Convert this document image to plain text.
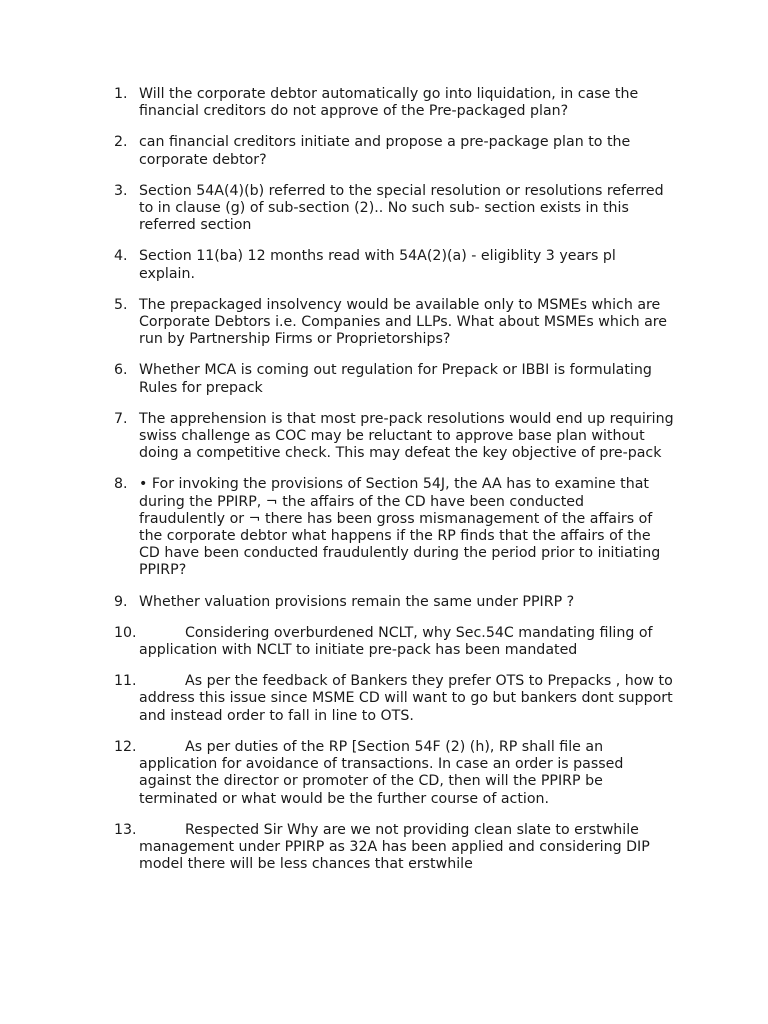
1. Will the corporate debtor automatically go into liquidation, in case the financial creditors do not approve of the Pre-packaged plan?
2. can financial creditors initiate and propose a pre-package plan to the corporate debtor?
3. Section 54A(4)(b) referred to the special resolution or resolutions referred to in clause (g) of sub-section (2).. No such sub- section exists in this referred section
4. Section 11(ba) 12 months read with 54A(2)(a) - eligiblity 3 years pl explain.
5. The prepackaged insolvency would be available only to MSMEs which are Corporate Debtors i.e. Companies and LLPs. What about MSMEs which are run by Partnership Firms or Proprietorships?
6. Whether MCA is coming out regulation for Prepack or IBBI is formulating Rules for prepack
7. The apprehension is that most pre-pack resolutions would end up requiring swiss challenge as COC may be reluctant to approve base plan without doing a competitive check. This may defeat the key objective of pre-pack
8. • For invoking the provisions of Section 54J, the AA has to examine that during the PPIRP, ¬ the affairs of the CD have been conducted fraudulently or ¬ there has been gross mismanagement of the affairs of the corporate debtor what happens if the RP finds that the affairs of the CD have been conducted fraudulently during the period prior to initiating PPIRP?
9. Whether valuation provisions remain the same under PPIRP ?
10.	Considering overburdened NCLT, why Sec.54C mandating filing of application with NCLT to initiate pre-pack has been mandated
11.	As per the feedback of Bankers they prefer OTS to Prepacks , how to address this issue since MSME CD will want to go but bankers dont support and instead order to fall in line to OTS.
12.	As per duties of the RP [Section 54F (2) (h), RP shall file an application for avoidance of transactions. In case an order is passed against the director or promoter of the CD, then will the PPIRP be terminated or what would be the further course of action.
13.	Respected Sir Why are we not providing clean slate to erstwhile management under PPIRP as 32A has been applied and considering DIP model there will be less chances that erstwhile
